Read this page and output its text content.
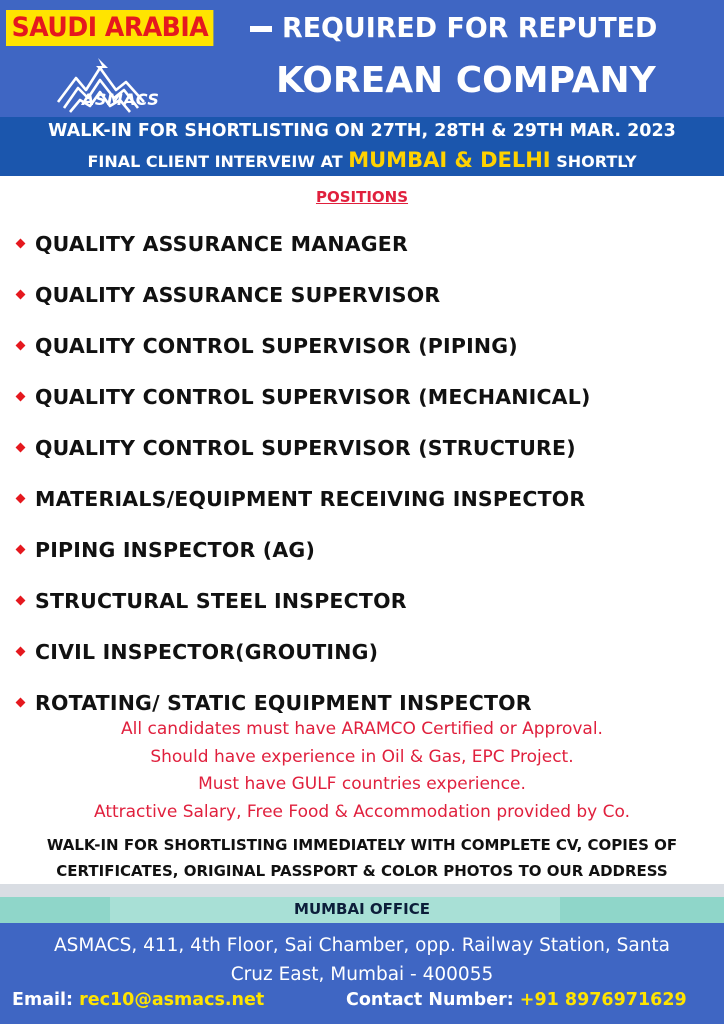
SAUDI ARABIA	REQUIRED FOR REPUTED
KOREAN COMPANY
ASMACS
WALK-IN FOR SHORTLISTING ON 27TH, 28TH & 29TH MAR. 2023
FINAL CLIENT INTERVEIW AT MUMBAI & DELHI SHORTLY
POSITIONS
QUALITY ASSURANCE MANAGER
QUALITY ASSURANCE SUPERVISOR
QUALITY CONTROL SUPERVISOR (PIPING)
QUALITY CONTROL SUPERVISOR (MECHANICAL)
QUALITY CONTROL SUPERVISOR (STRUCTURE)
MATERIALS/EQUIPMENT RECEIVING INSPECTOR
PIPING INSPECTOR (AG)
STRUCTURAL STEEL INSPECTOR
CIVIL INSPECTOR(GROUTING)
ROTATING/ STATIC EQUIPMENT INSPECTOR
All candidates must have ARAMCO Certified or Approval.
Should have experience in Oil & Gas, EPC Project.
Must have GULF countries experience.
Attractive Salary, Free Food & Accommodation provided by Co.
WALK-IN FOR SHORTLISTING IMMEDIATELY WITH COMPLETE CV, COPIES OF
CERTIFICATES, ORIGINAL PASSPORT & COLOR PHOTOS TO OUR ADDRESS
MUMBAI OFFICE
ASMACS, 411, 4th Floor, Sai Chamber, opp. Railway Station, Santa
Cruz East, Mumbai - 400055
Email: rec10@asmacs.net	Contact Number: +91 8976971629
